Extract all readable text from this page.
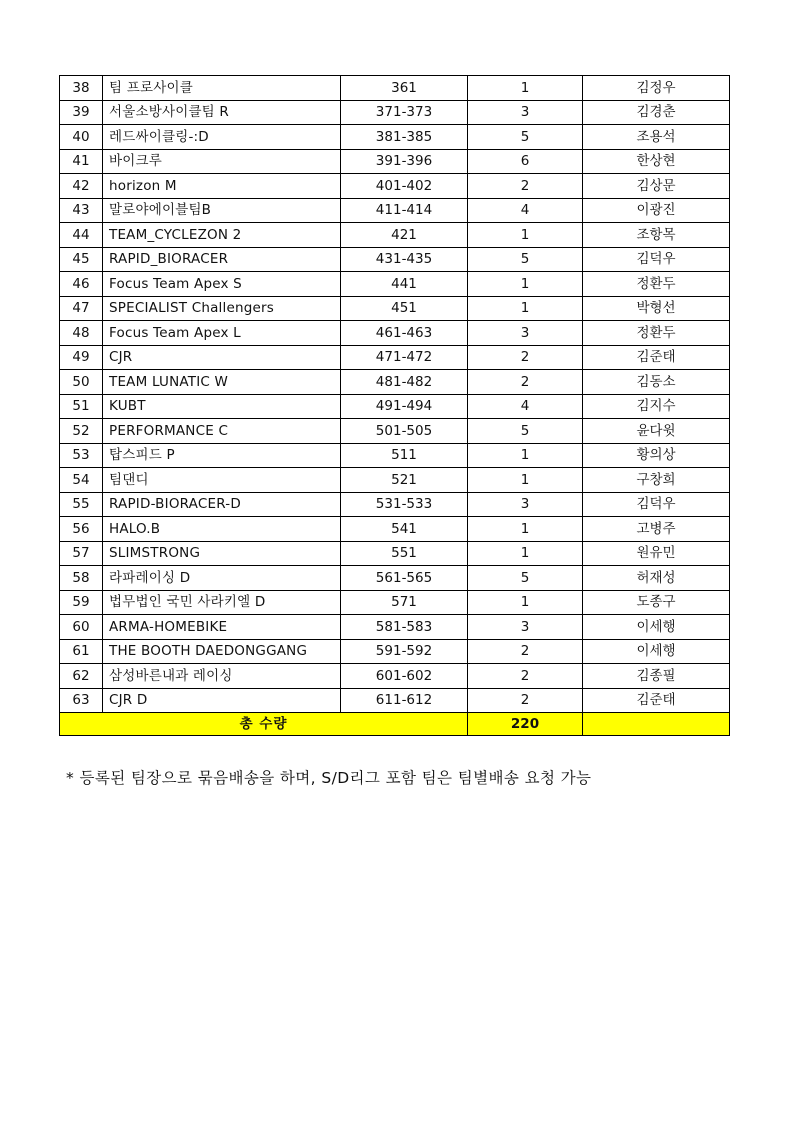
38	팀 프로사이클	361	1	김정우
39	서울소방사이클팀 R	371-373	3	김경춘
40	레드싸이클링-:D	381-385	5	조용석
41	바이크루	391-396	6	한상현
42	horizon M	401-402	2	김상문
43	말로야에이블팀B	411-414	4	이광진
44	TEAM_CYCLEZON 2	421	1	조항목
45	RAPID_BIORACER	431-435	5	김덕우
46	Focus Team Apex S	441	1	정환두
47	SPECIALIST Challengers	451	1	박형선
48	Focus Team Apex L	461-463	3	정환두
49	CJR	471-472	2	김준태
50	TEAM LUNATIC W	481-482	2	김동소
51	KUBT	491-494	4	김지수
52	PERFORMANCE C	501-505	5	윤다윗
53	탑스피드 P	511	1	황의상
54	팀댄디	521	1	구창희
55	RAPID-BIORACER-D	531-533	3	김덕우
56	HALO.B	541	1	고병주
57	SLIMSTRONG	551	1	원유민
58	라파레이싱 D	561-565	5	허재성
59	법무법인 국민 사라키엘 D	571	1	도종구
60	ARMA-HOMEBIKE	581-583	3	이세행
61	THE BOOTH DAEDONGGANG	591-592	2	이세행
62	삼성바른내과 레이싱	601-602	2	김종필
63	CJR D	611-612	2	김준태
총 수량			220	
* 등록된 팀장으로 묶음배송을 하며, S/D리그 포함 팀은 팀별배송 요청 가능
